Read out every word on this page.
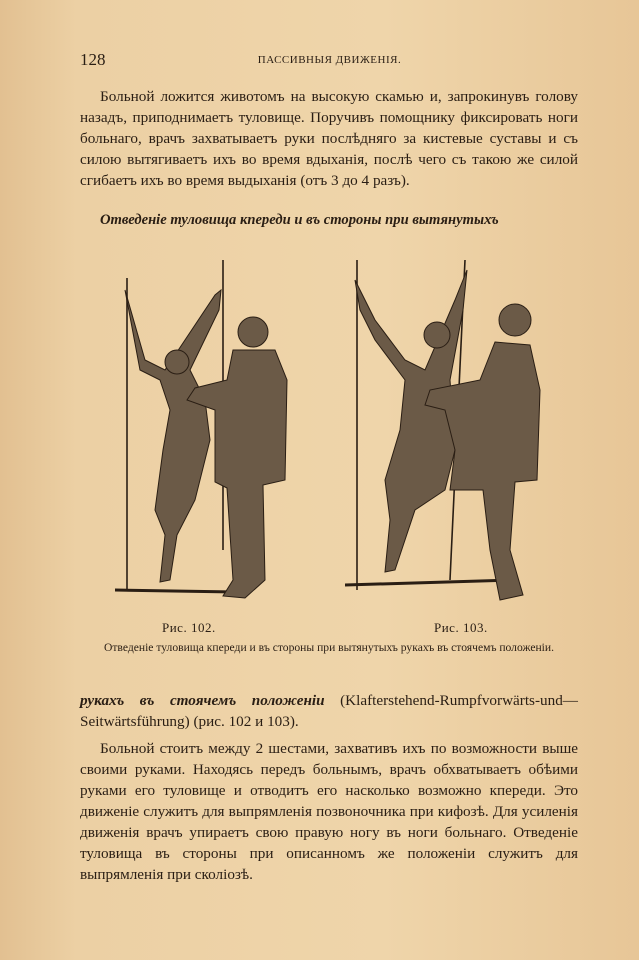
128	ПАССИВНЫЯ ДВИЖЕНІЯ.
Больной ложится животомъ на высокую скамью и, запрокинувъ голову назадъ, приподнимаетъ туловище. Поручивъ помощнику фиксировать ноги больнаго, врачъ захватываетъ руки послѣдняго за кистевые суставы и съ силою вытягиваетъ ихъ во время вдыханія, послѣ чего съ такою же силой сгибаетъ ихъ во время выдыханія (отъ 3 до 4 разъ).
Отведеніе туловища кпереди и въ стороны при вытянутыхъ
Рис. 102.	Рис. 103.
Отведеніе туловища кпереди и въ стороны при вытянутыхъ рукахъ въ стоячемъ положеніи.
рукахъ въ стоячемъ положеніи (Klafterstehend-Rumpfvorwärts-und—Seitwärtsführung) (рис. 102 и 103).
Больной стоитъ между 2 шестами, захвативъ ихъ по возможности выше своими руками. Находясь передъ больнымъ, врачъ обхватываетъ обѣими руками его туловище и отводитъ его насколько возможно кпереди. Это движеніе служитъ для выпрямленія позвоночника при кифозѣ. Для усиленія движенія врачъ упираетъ свою правую ногу въ ноги больнаго. Отведеніе туловища въ стороны при описанномъ же положеніи служитъ для выпрямленія при сколіозѣ.
